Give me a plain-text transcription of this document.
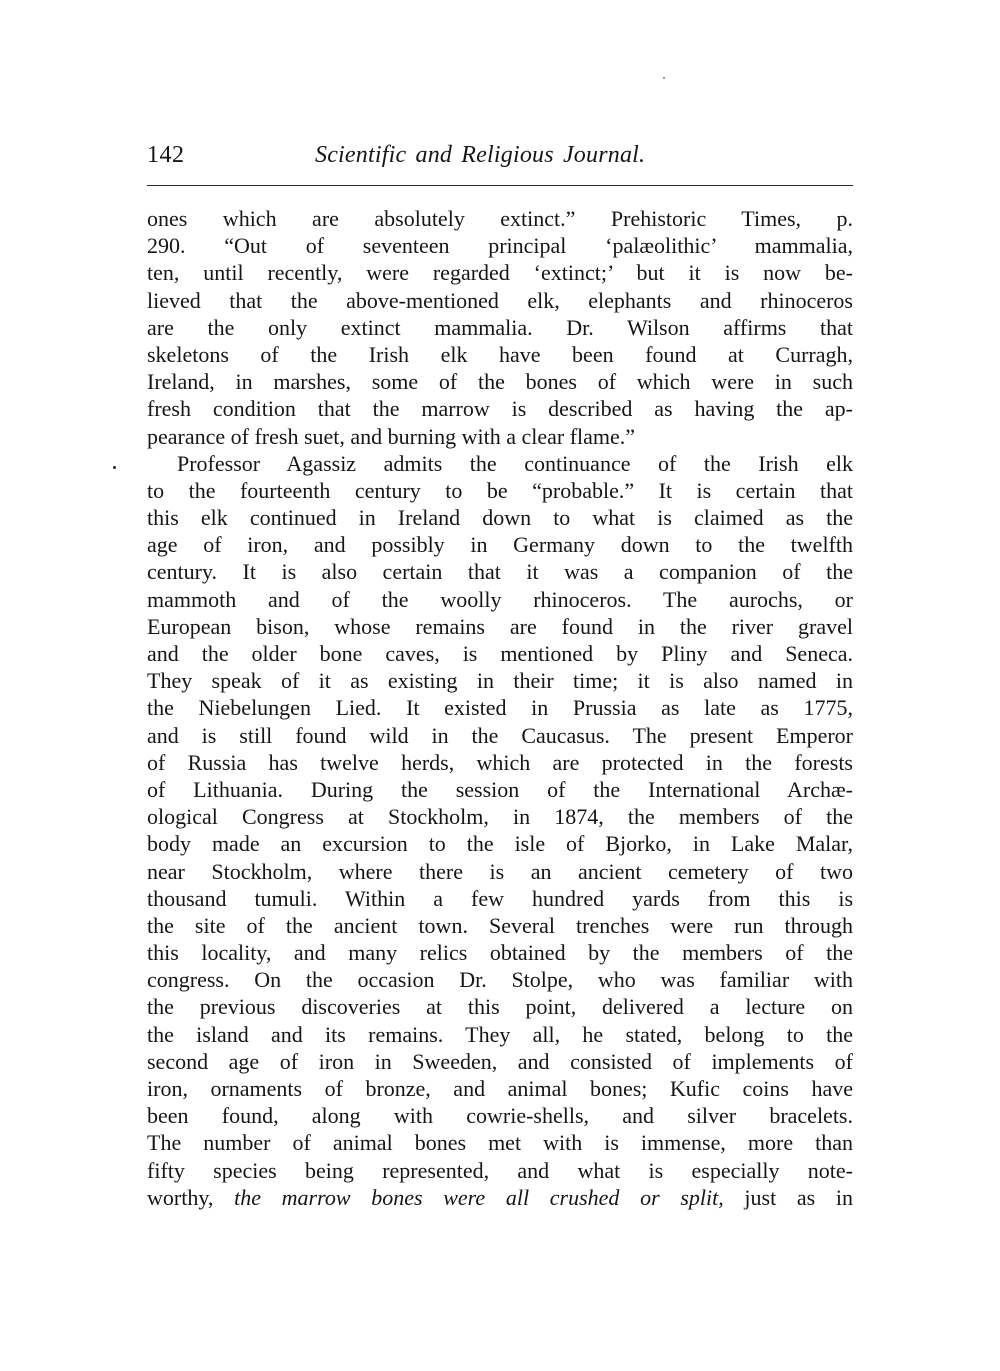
142	Scientific and Religious Journal.
ones which are absolutely extinct.” Prehistoric Times, p.
290. “Out of seventeen principal ‘palæolithic’ mammalia,
ten, until recently, were regarded ‘extinct;’ but it is now be-
lieved that the above-mentioned elk, elephants and rhinoceros
are the only extinct mammalia. Dr. Wilson affirms that
skeletons of the Irish elk have been found at Curragh,
Ireland, in marshes, some of the bones of which were in such
fresh condition that the marrow is described as having the ap-
pearance of fresh suet, and burning with a clear flame.”
Professor Agassiz admits the continuance of the Irish elk
to the fourteenth century to be “probable.” It is certain that
this elk continued in Ireland down to what is claimed as the
age of iron, and possibly in Germany down to the twelfth
century. It is also certain that it was a companion of the
mammoth and of the woolly rhinoceros. The aurochs, or
European bison, whose remains are found in the river gravel
and the older bone caves, is mentioned by Pliny and Seneca.
They speak of it as existing in their time; it is also named in
the Niebelungen Lied. It existed in Prussia as late as 1775,
and is still found wild in the Caucasus. The present Emperor
of Russia has twelve herds, which are protected in the forests
of Lithuania. During the session of the International Archæ-
ological Congress at Stockholm, in 1874, the members of the
body made an excursion to the isle of Bjorko, in Lake Malar,
near Stockholm, where there is an ancient cemetery of two
thousand tumuli. Within a few hundred yards from this is
the site of the ancient town. Several trenches were run through
this locality, and many relics obtained by the members of the
congress. On the occasion Dr. Stolpe, who was familiar with
the previous discoveries at this point, delivered a lecture on
the island and its remains. They all, he stated, belong to the
second age of iron in Sweeden, and consisted of implements of
iron, ornaments of bronze, and animal bones; Kufic coins have
been found, along with cowrie-shells, and silver bracelets.
The number of animal bones met with is immense, more than
fifty species being represented, and what is especially note-
worthy, the marrow bones were all crushed or split, just as in
